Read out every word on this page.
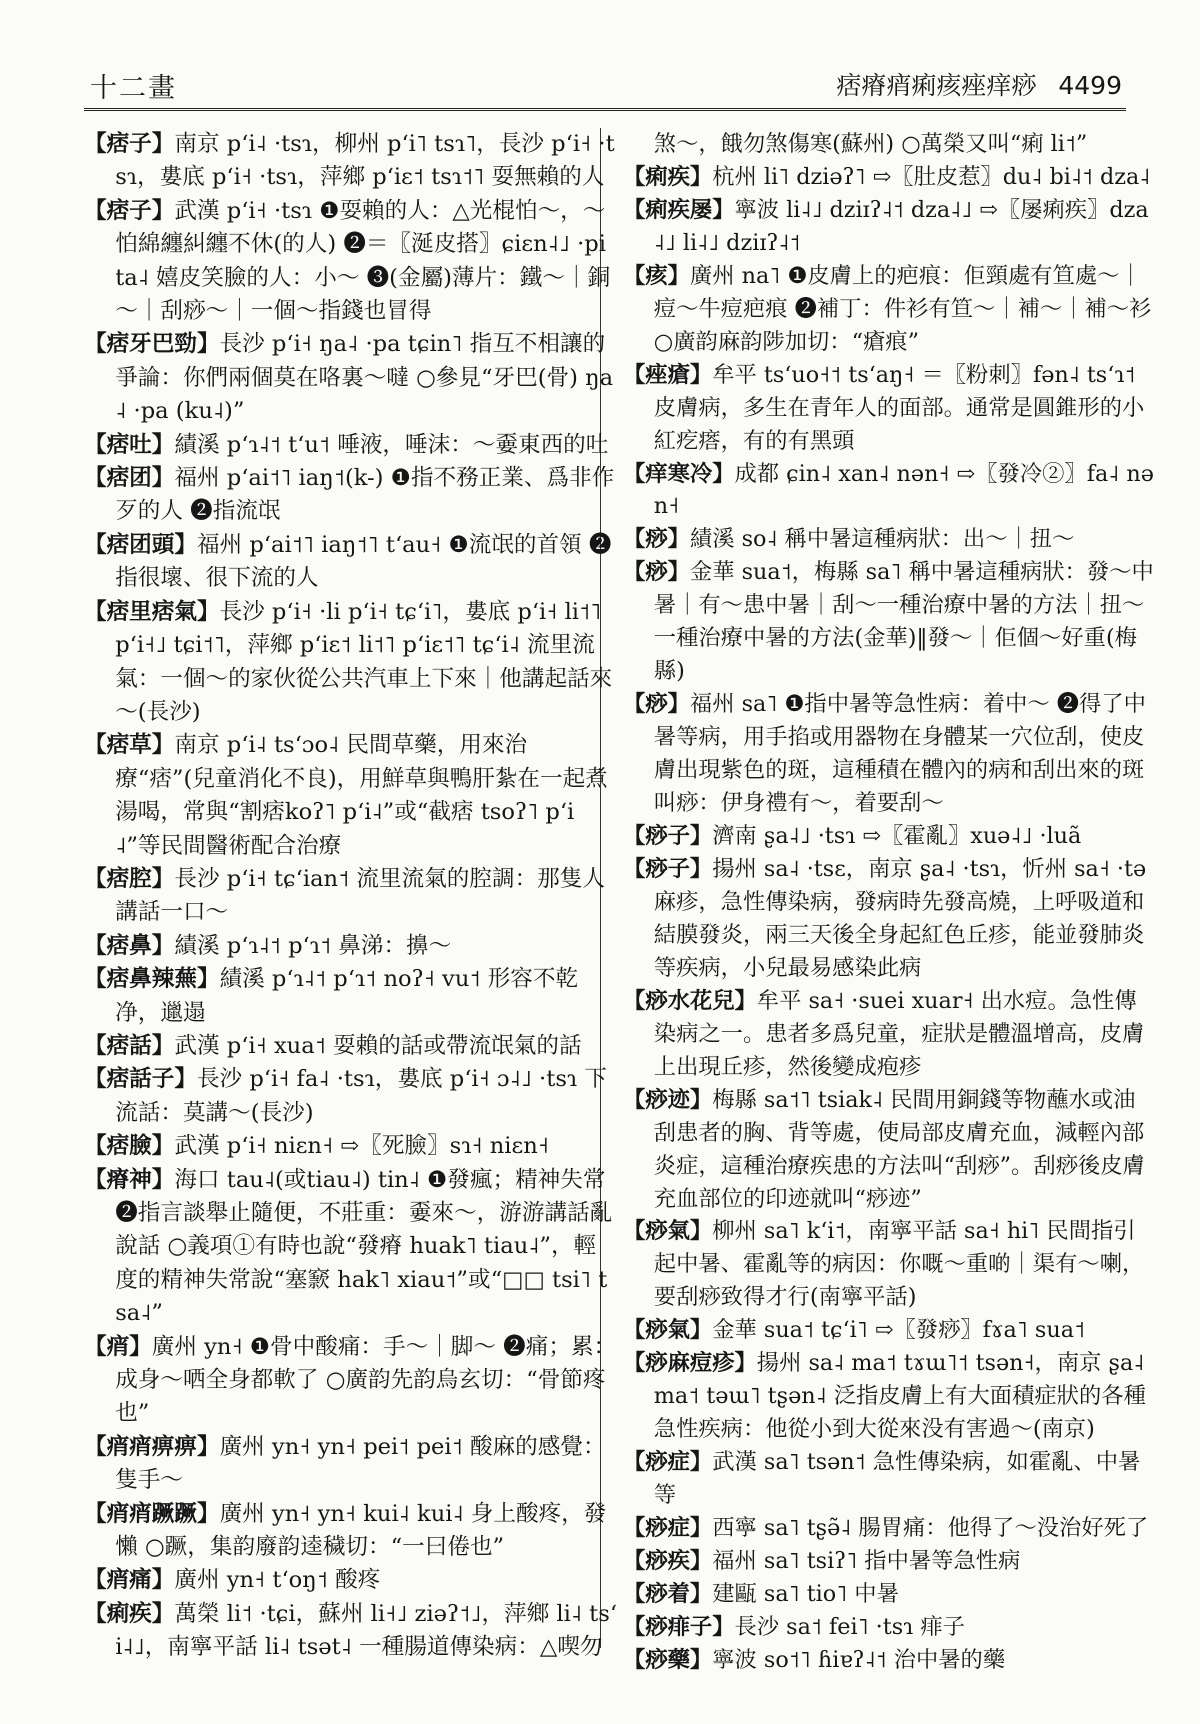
十二畫	痞瘠痟痢痎痤痒痧 4499
【痞子】南京 pʻi˨ ·tsɿ，柳州 pʻi˥ tsɿ˥，長沙 pʻi˧ ·tsɿ，婁底 pʻi˧ ·tsɿ，萍鄉 pʻiɛ˦ tsɿ˦˥ 耍無賴的人
【痞子】武漢 pʻi˧ ·tsɿ ❶耍賴的人：△光棍怕～，～怕綿纏糾纏不休(的人) ❷＝〖涎皮搭〗ɕiɛn˨˩ ·pi ta˨ 嬉皮笑臉的人：小～ ❸(金屬)薄片：鐵～｜銅～｜刮痧～｜一個～指錢也冒得
【痞牙巴勁】長沙 pʻi˧ ŋa˨ ·pa tɕin˥ 指互不相讓的爭論：你們兩個莫在咯裏～噠 ○參見“牙巴(骨) ŋa˨ ·pa (ku˨)”
【痞吐】績溪 pʻɿ˨˦ tʻu˦ 唾液，唾沫：～嫑東西的吐
【痞团】福州 pʻai˦˥ iaŋ˦(k-) ❶指不務正業、爲非作歹的人 ❷指流氓
【痞团頭】福州 pʻai˦˥ iaŋ˦˥ tʻau˧ ❶流氓的首領 ❷指很壞、很下流的人
【痞里痞氣】長沙 pʻi˧ ·li pʻi˧ tɕʻi˥，婁底 pʻi˧ li˦˥ pʻi˧˩ tɕi˦˥，萍鄉 pʻiɛ˦ li˦˥ pʻiɛ˦˥ tɕʻi˨ 流里流氣：一個～的家伙從公共汽車上下來｜他講起話來～(長沙)
【痞草】南京 pʻi˨ tsʻɔo˨ 民間草藥，用來治療“痞”(兒童消化不良)，用鮮草與鴨肝紮在一起煮湯喝，常與“割痞koʔ˥ pʻi˨”或“截痞 tsoʔ˥ pʻi˨”等民間醫術配合治療
【痞腔】長沙 pʻi˧ tɕʻian˦ 流里流氣的腔調：那隻人講話一口～
【痞鼻】績溪 pʻɿ˨˦ pʻɿ˦ 鼻涕：擤～
【痞鼻辣蕪】績溪 pʻɿ˨˦ pʻɿ˦ noʔ˧ vu˦ 形容不乾净，邋遢
【痞話】武漢 pʻi˧ xua˦ 耍賴的話或帶流氓氣的話
【痞話子】長沙 pʻi˧ fa˨ ·tsɿ，婁底 pʻi˧ ɔ˨˩ ·tsɿ 下流話：莫講～(長沙)
【痞臉】武漢 pʻi˧ niɛn˧ ⇨〖死臉〗sɿ˧ niɛn˧
【瘠神】海口 tau˨(或tiau˨) tin˨ ❶發瘋；精神失常 ❷指言談舉止隨便，不莊重：嫑來～，游游講話亂說話 ○義項①有時也說“發瘠 huak˥ tiau˨”，輕度的精神失常說“塞窾 hak˥ xiau˦”或“□□ tsi˥ tsa˨”
【痟】廣州 yn˧ ❶骨中酸痛：手～｜脚～ ❷痛；累：成身～哂全身都軟了 ○廣韵先韵烏玄切：“骨節疼也”
【痟痟痹痹】廣州 yn˧ yn˧ pei˦ pei˦ 酸麻的感覺：隻手～
【痟痟蹶蹶】廣州 yn˧ yn˧ kui˨ kui˨ 身上酸疼，發懶 ○蹶，集韵廢韵逵穢切：“一曰倦也”
【痟痛】廣州 yn˧ tʻoŋ˦ 酸疼
【痢疾】萬榮 li˦ ·tɕi，蘇州 li˧˩ ziəʔ˦˩，萍鄉 li˨ tsʻi˨˩，南寧平話 li˨ tsət˨ 一種腸道傳染病：△喫勿
煞～，餓勿煞傷寒(蘇州) ○萬榮又叫“痢 li˦”
【痢疾】杭州 li˥ dziəʔ˥ ⇨〖肚皮惹〗du˨ bi˨˦ dza˨
【痢疾屡】寧波 li˨˩ dziɪʔ˨˦ dza˨˩ ⇨〖屡痢疾〗dza˨˩ li˨˩ dziɪʔ˨˦
【痎】廣州 na˥ ❶皮膚上的疤痕：佢頸處有笪處～｜痘～牛痘疤痕 ❷補丁：件衫有笪～｜補～｜補～衫 ○廣韵麻韵陟加切：“瘡痕”
【痤瘡】牟平 tsʻuo˧˦ tsʻaŋ˧ ＝〖粉刺〗fən˨ tsʻɿ˦ 皮膚病，多生在青年人的面部。通常是圓錐形的小紅疙瘩，有的有黑頭
【痒寒冷】成都 ɕin˨ xan˨ nən˧ ⇨〖發冷②〗fa˨ nən˧
【痧】績溪 so˨ 稱中暑這種病狀：出～｜扭～
【痧】金華 sua˦，梅縣 sa˥ 稱中暑這種病狀：發～中暑｜有～患中暑｜刮～一種治療中暑的方法｜扭～一種治療中暑的方法(金華)‖發～｜佢個～好重(梅縣)
【痧】福州 sa˥ ❶指中暑等急性病：着中～ ❷得了中暑等病，用手掐或用器物在身體某一穴位刮，使皮膚出現紫色的斑，這種積在體內的病和刮出來的斑叫痧：伊身禮有～，着要刮～
【痧子】濟南 ʂa˨˩ ·tsɿ ⇨〖霍亂〗xuə˨˩ ·luã
【痧子】揚州 sa˨ ·tsɛ，南京 ʂa˨ ·tsɿ，忻州 sa˧ ·tə 麻疹，急性傳染病，發病時先發高燒，上呼吸道和結膜發炎，兩三天後全身起紅色丘疹，能並發肺炎等疾病，小兒最易感染此病
【痧水花兒】牟平 sa˧ ·suei xuar˧ 出水痘。急性傳染病之一。患者多爲兒童，症狀是體溫增高，皮膚上出現丘疹，然後變成疱疹
【痧迹】梅縣 sa˦˥ tsiak˨ 民間用銅錢等物蘸水或油刮患者的胸、背等處，使局部皮膚充血，減輕內部炎症，這種治療疾患的方法叫“刮痧”。刮痧後皮膚充血部位的印迹就叫“痧迹”
【痧氣】柳州 sa˥ kʻi˦，南寧平話 sa˧ hi˥ 民間指引起中暑、霍亂等的病因：你嘅～重啲｜渠有～喇，要刮痧致得才行(南寧平話)
【痧氣】金華 sua˦ tɕʻi˥ ⇨〖發痧〗fɤa˥ sua˦
【痧麻痘疹】揚州 sa˨ ma˦ tɤɯ˥˦ tsən˧，南京 ʂa˨ ma˦ təɯ˥ tʂən˨ 泛指皮膚上有大面積症狀的各種急性疾病：他從小到大從來没有害過～(南京)
【痧症】武漢 sa˥ tsən˦ 急性傳染病，如霍亂、中暑等
【痧症】西寧 sa˥ tʂə̃˨ 腸胃痛：他得了～没治好死了
【痧疾】福州 sa˥ tsiʔ˥ 指中暑等急性病
【痧着】建甌 sa˥ tio˥ 中暑
【痧痱子】長沙 sa˦ fei˥ ·tsɿ 痱子
【痧藥】寧波 so˦˥ ɦiɐʔ˨˦ 治中暑的藥
